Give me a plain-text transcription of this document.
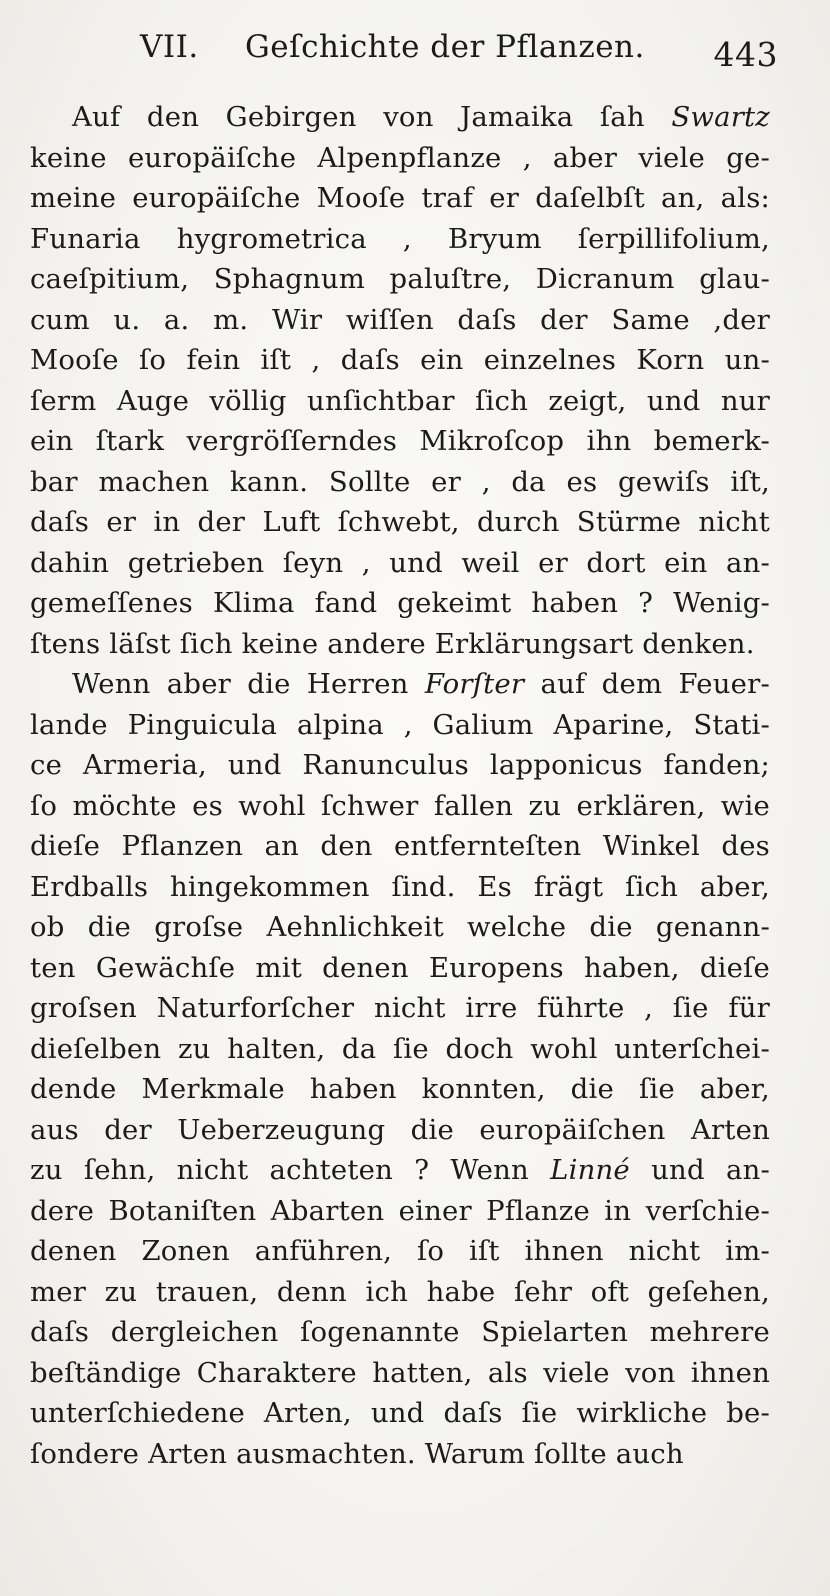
VII. Geſchichte der Pflanzen. 443
Auf den Gebirgen von Jamaika ſah Swartz
keine europäiſche Alpenpflanze , aber viele ge-
meine europäiſche Mooſe traf er daſelbſt an, als:
Funaria hygrometrica , Bryum ſerpillifolium,
caeſpitium, Sphagnum paluſtre, Dicranum glau-
cum u. a. m. Wir wiſſen daſs der Same ,der
Mooſe ſo fein iſt , daſs ein einzelnes Korn un-
ſerm Auge völlig unſichtbar ſich zeigt, und nur
ein ſtark vergröſſerndes Mikroſcop ihn bemerk-
bar machen kann. Sollte er , da es gewiſs iſt,
daſs er in der Luft ſchwebt, durch Stürme nicht
dahin getrieben ſeyn , und weil er dort ein an-
gemeſſenes Klima fand gekeimt haben ? Wenig-
ſtens läſst ſich keine andere Erklärungsart denken.
Wenn aber die Herren Forſter auf dem Feuer-
lande Pinguicula alpina , Galium Aparine, Stati-
ce Armeria, und Ranunculus lapponicus fanden;
ſo möchte es wohl ſchwer fallen zu erklären, wie
dieſe Pflanzen an den entfernteſten Winkel des
Erdballs hingekommen ſind. Es frägt ſich aber,
ob die groſse Aehnlichkeit welche die genann-
ten Gewächſe mit denen Europens haben, dieſe
groſsen Naturforſcher nicht irre führte , ſie für
dieſelben zu halten, da ſie doch wohl unterſchei-
dende Merkmale haben konnten, die ſie aber,
aus der Ueberzeugung die europäiſchen Arten
zu ſehn, nicht achteten ? Wenn Linné und an-
dere Botaniſten Abarten einer Pflanze in verſchie-
denen Zonen anführen, ſo iſt ihnen nicht im-
mer zu trauen, denn ich habe ſehr oft geſehen,
daſs dergleichen ſogenannte Spielarten mehrere
beſtändige Charaktere hatten, als viele von ihnen
unterſchiedene Arten, und daſs ſie wirkliche be-
ſondere Arten ausmachten. Warum ſollte auch
